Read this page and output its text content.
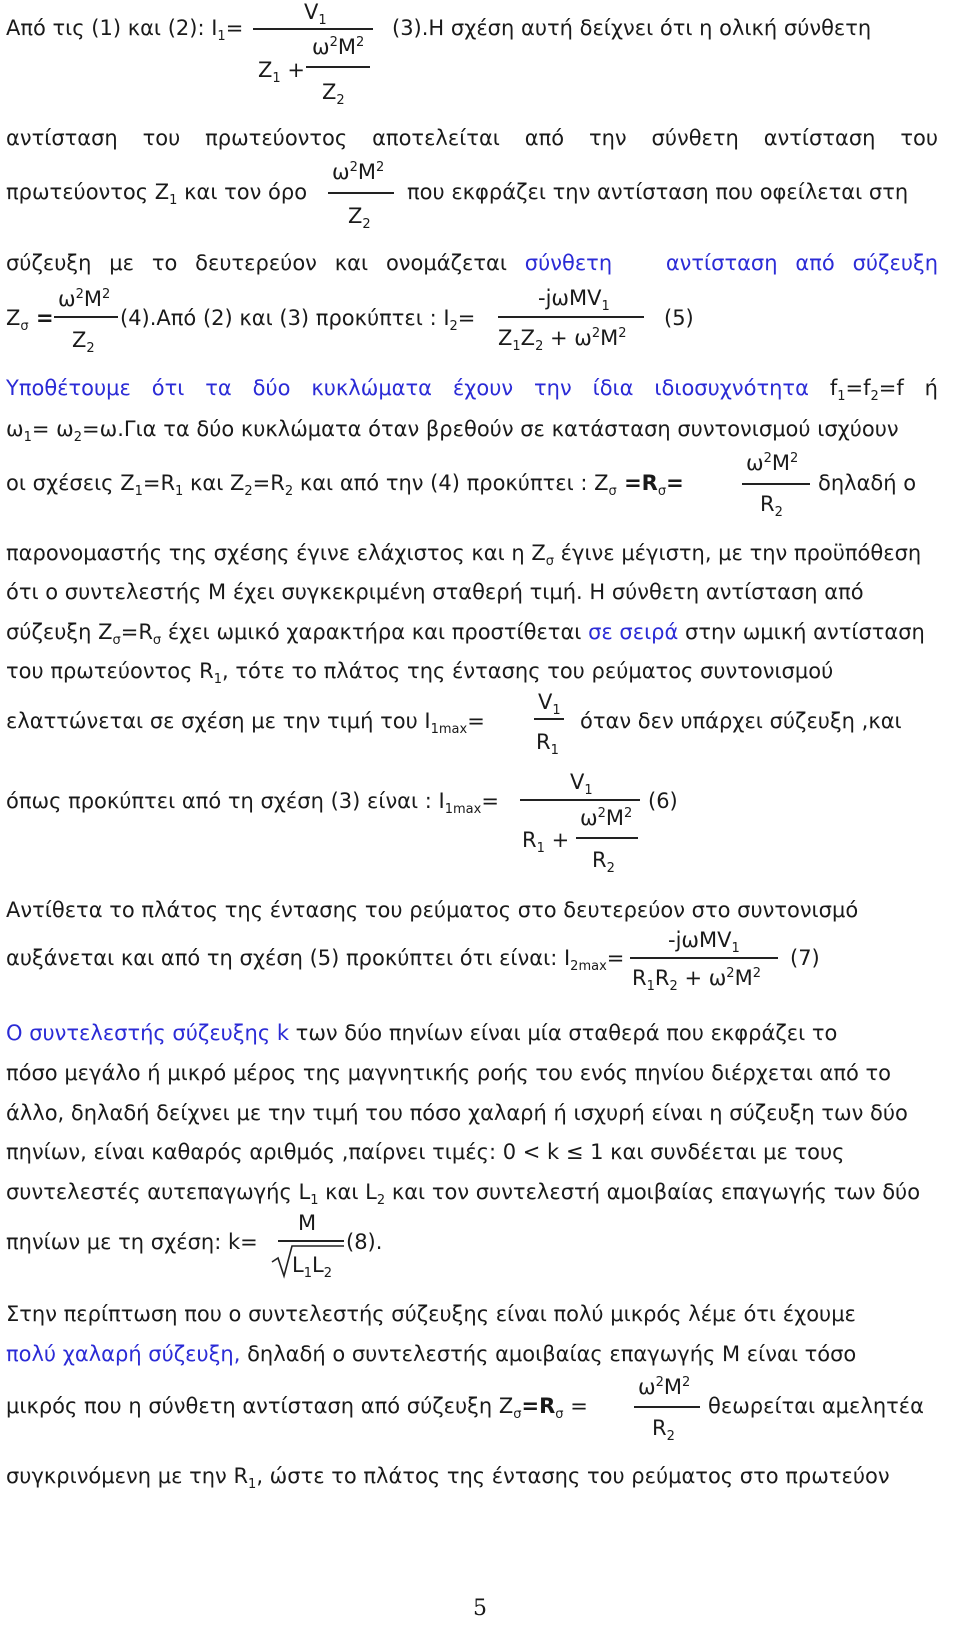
Από τις (1) και (2): $I_1=$
$V_1$
$Z_1$ +
$\omega^2M^2$
$Z_2$
(3).Η σχέση αυτή δείχνει ότι η ολική σύνθετη
αντίσταση του πρωτεύοντος αποτελείται από την σύνθετη αντίσταση του
πρωτεύοντος $Z_1$ και τον όρο
$\omega^2M^2$
$Z_2$
που εκφράζει την αντίσταση που οφείλεται στη
σύζευξη με το δευτερεύον και ονομάζεται σύνθετη	αντίσταση από σύζευξη
$Z_\sigma$ =
$\omega^2M^2$
$Z_2$
(4).Από (2) και (3) προκύπτει : $I_2=$
-jωMV$_1$
$Z_1Z_2 + \omega^2M^2$
(5)
Υποθέτουμε ότι τα δύο κυκλώματα έχουν την ίδια ιδιοσυχνότητα $f_1=f_2=f$ ή
$\omega_1= \omega_2=\omega.\Gamma\iota\alpha$ τα δύο κυκλώματα όταν βρεθούν σε κατάσταση συντονισμού ισχύουν
οι σχέσεις $Z_1=R_1$ και $Z_2=R_2$ και από την (4) προκύπτει : $Z_\sigma =R_\sigma=$
$\omega^2M^2$
$R_2$
δηλαδή ο
παρονομαστής της σχέσης έγινε ελάχιστος και η $Z_\sigma$ έγινε μέγιστη, με την προϋπόθεση
ότι ο συντελεστής Μ έχει συγκεκριμένη σταθερή τιμή. Η σύνθετη αντίσταση από
σύζευξη $Z_\sigma=R_\sigma$ έχει ωμικό χαρακτήρα και προστίθεται σε σειρά στην ωμική αντίσταση
του πρωτεύοντος $R_1$, τότε το πλάτος της έντασης του ρεύματος συντονισμού
ελαττώνεται σε σχέση με την τιμή του $I_{1max}=$
$V_1$
$R_1$
όταν δεν υπάρχει σύζευξη ,και
όπως προκύπτει από τη σχέση (3) είναι : $I_{1max}=$
$V_1$
$R_1$ +
$\omega^2M^2$
$R_2$
(6)
Αντίθετα το πλάτος της έντασης του ρεύματος στο δευτερεύον στο συντονισμό
αυξάνεται και από τη σχέση (5) προκύπτει ότι είναι: $I_{2max}=$
-jωMV$_1$
$R_1R_2 + \omega^2M^2$
(7)
Ο συντελεστής σύζευξης k των δύο πηνίων είναι μία σταθερά που εκφράζει το
πόσο μεγάλο ή μικρό μέρος της μαγνητικής ροής του ενός πηνίου διέρχεται από το
άλλο, δηλαδή δείχνει με την τιμή του πόσο χαλαρή ή ισχυρή είναι η σύζευξη των δύο
πηνίων, είναι καθαρός αριθμός ,παίρνει τιμές: 0 < k ≤ 1 και συνδέεται με τους
συντελεστές αυτεπαγωγής $L_1$ και $L_2$ και τον συντελεστή αμοιβαίας επαγωγής των δύο
πηνίων με τη σχέση: k=
M
$L_1L_2$
(8).
Στην περίπτωση που ο συντελεστής σύζευξης είναι πολύ μικρός λέμε ότι έχουμε
πολύ χαλαρή σύζευξη, δηλαδή ο συντελεστής αμοιβαίας επαγωγής Μ είναι τόσο
μικρός που η σύνθετη αντίσταση από σύζευξη $Z_\sigma=R_\sigma$ =
$\omega^2M^2$
$R_2$
θεωρείται αμελητέα
συγκρινόμενη με την $R_1$, ώστε το πλάτος της έντασης του ρεύματος στο πρωτεύον
5
